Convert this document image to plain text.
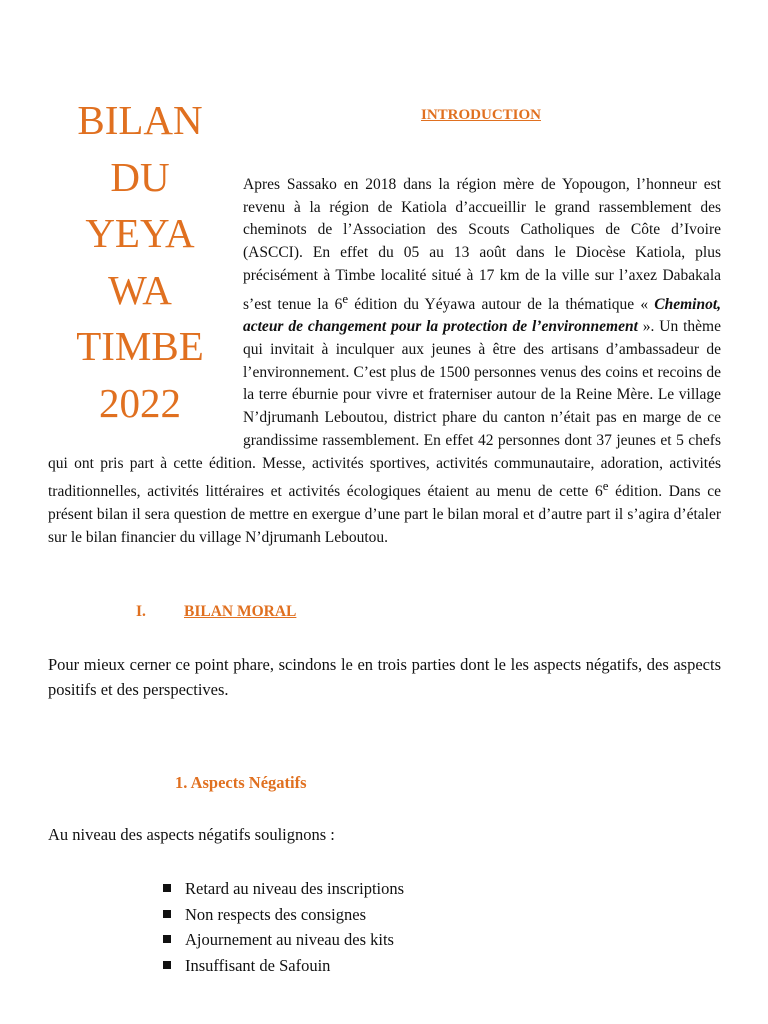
BILAN
DU
YEYA
WA
TIMBE
2022
INTRODUCTION
Apres Sassako en 2018 dans la région mère de Yopougon, l’honneur est revenu à la région de Katiola d’accueillir le grand rassemblement des cheminots de l’Association des Scouts Catholiques de Côte d’Ivoire (ASCCI). En effet du 05 au 13 août dans le Diocèse Katiola, plus précisément à Timbe localité situé à 17 km de la ville sur l’axez Dabakala s’est tenue la 6e édition du Yéyawa autour de la thématique « Cheminot, acteur de changement pour la protection de l’environnement ». Un thème qui invitait à inculquer aux jeunes à être des artisans d’ambassadeur de l’environnement. C’est plus de 1500 personnes venus des coins et recoins de la terre éburnie pour vivre et fraterniser autour de la Reine Mère. Le village N’djrumanh Leboutou, district phare du canton n’était pas en marge de ce grandissime rassemblement. En effet 42 personnes dont 37 jeunes et 5 chefs qui ont pris part à cette édition. Messe, activités sportives, activités communautaire, adoration, activités traditionnelles, activités littéraires et activités écologiques étaient au menu de cette 6e édition. Dans ce présent bilan il sera question de mettre en exergue d’une part le bilan moral et d’autre part il s’agira d’étaler sur le bilan financier du village N’djrumanh Leboutou.
I. BILAN MORAL
Pour mieux cerner ce point phare, scindons le en trois parties dont le les aspects négatifs, des aspects positifs et des perspectives.
1. Aspects Négatifs
Au niveau des aspects négatifs soulignons :
Retard au niveau des inscriptions
Non respects des consignes
Ajournement au niveau des kits
Insuffisant de Safouin
